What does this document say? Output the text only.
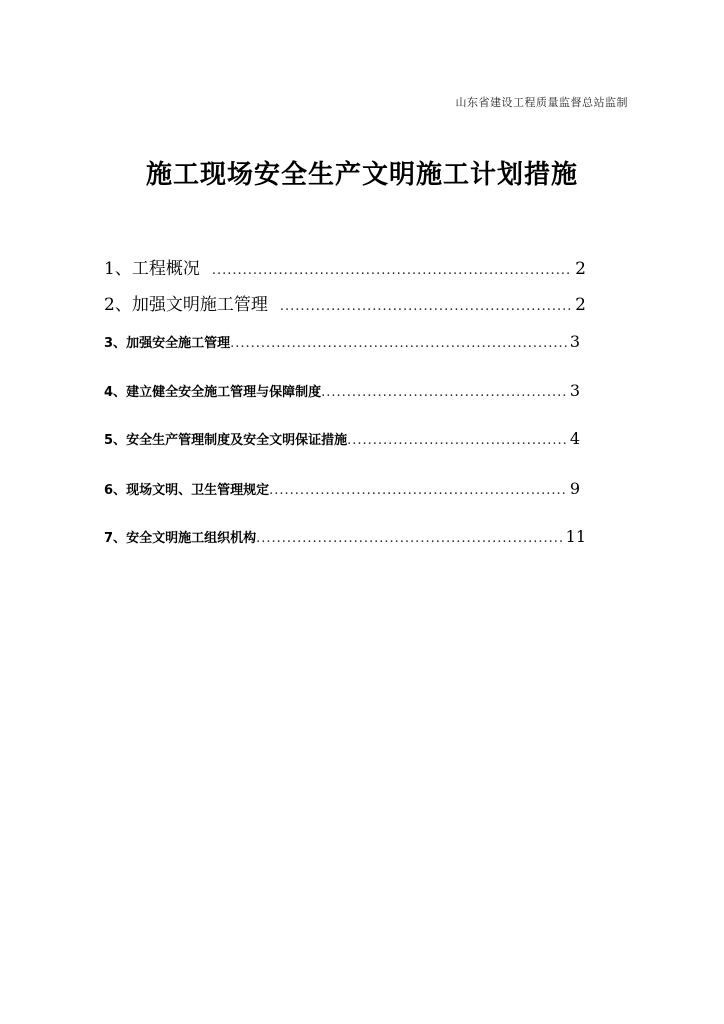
山东省建设工程质量监督总站监制
施工现场安全生产文明施工计划措施
1 、 工程概况 .....	2
2 、 加强文明施工管理 .....	2
3 、 加强安全施工管理 .....	3
4 、 建立健全安全施工管理与保障制度 .....	3
5 、 安全生产管理制度及安全文明保证措施 .....	4
6 、 现场文明、卫生管理规定 .....	9
7 、 安全文明施工组织机构 .....	11
